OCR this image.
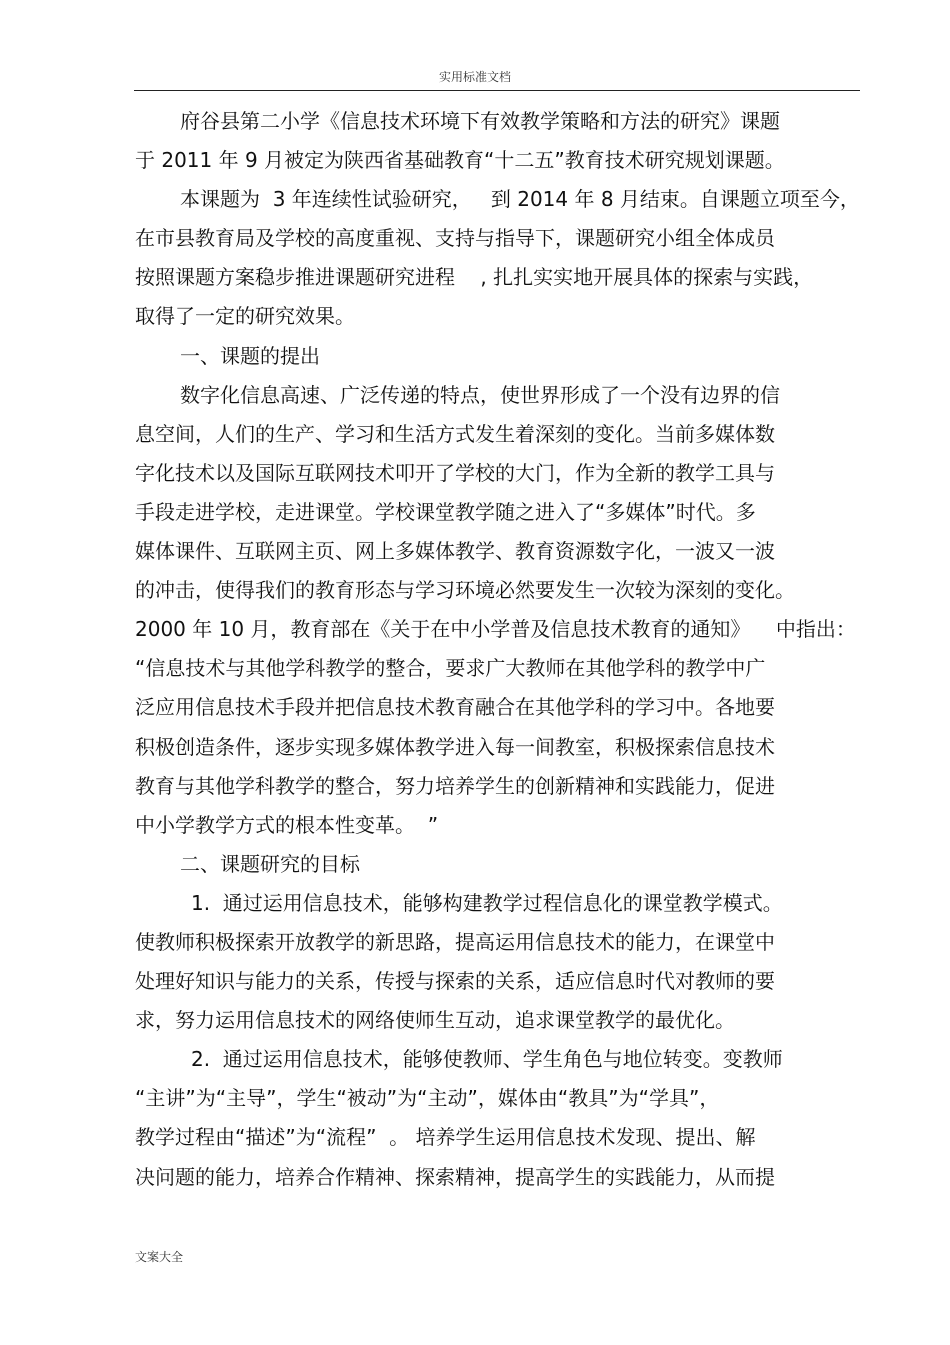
实用标准文档
府谷县第二小学《信息技术环境下有效教学策略和方法的研究》课题
于 2011 年 9 月被定为陕西省基础教育“十二五”教育技术研究规划课题。
本课题为  3 年连续性试验研究，   到 2014 年 8 月结束。自课题立项至今，
在市县教育局及学校的高度重视、支持与指导下，课题研究小组全体成员
按照课题方案稳步推进课题研究进程    , 扎扎实实地开展具体的探索与实践，
取得了一定的研究效果。
一、课题的提出
数字化信息高速、广泛传递的特点，使世界形成了一个没有边界的信
息空间，人们的生产、学习和生活方式发生着深刻的变化。当前多媒体数
字化技术以及国际互联网技术叩开了学校的大门，作为全新的教学工具与
手段走进学校，走进课堂。学校课堂教学随之进入了“多媒体”时代。多
媒体课件、互联网主页、网上多媒体教学、教育资源数字化，一波又一波
的冲击，使得我们的教育形态与学习环境必然要发生一次较为深刻的变化。
2000 年 10 月，教育部在《关于在中小学普及信息技术教育的通知》    中指出：
“信息技术与其他学科教学的整合，要求广大教师在其他学科的教学中广
泛应用信息技术手段并把信息技术教育融合在其他学科的学习中。各地要
积极创造条件，逐步实现多媒体教学进入每一间教室，积极探索信息技术
教育与其他学科教学的整合，努力培养学生的创新精神和实践能力，促进
中小学教学方式的根本性变革。  ”
二、课题研究的目标
1.  通过运用信息技术，能够构建教学过程信息化的课堂教学模式。
使教师积极探索开放教学的新思路，提高运用信息技术的能力，在课堂中
处理好知识与能力的关系，传授与探索的关系，适应信息时代对教师的要
求，努力运用信息技术的网络使师生互动，追求课堂教学的最优化。
2.  通过运用信息技术，能够使教师、学生角色与地位转变。变教师
“主讲”为“主导”，学生“被动”为“主动”，媒体由“教具”为“学具”，
教学过程由“描述”为“流程”  。 培养学生运用信息技术发现、提出、解
决问题的能力，培养合作精神、探索精神，提高学生的实践能力，从而提
文案大全
